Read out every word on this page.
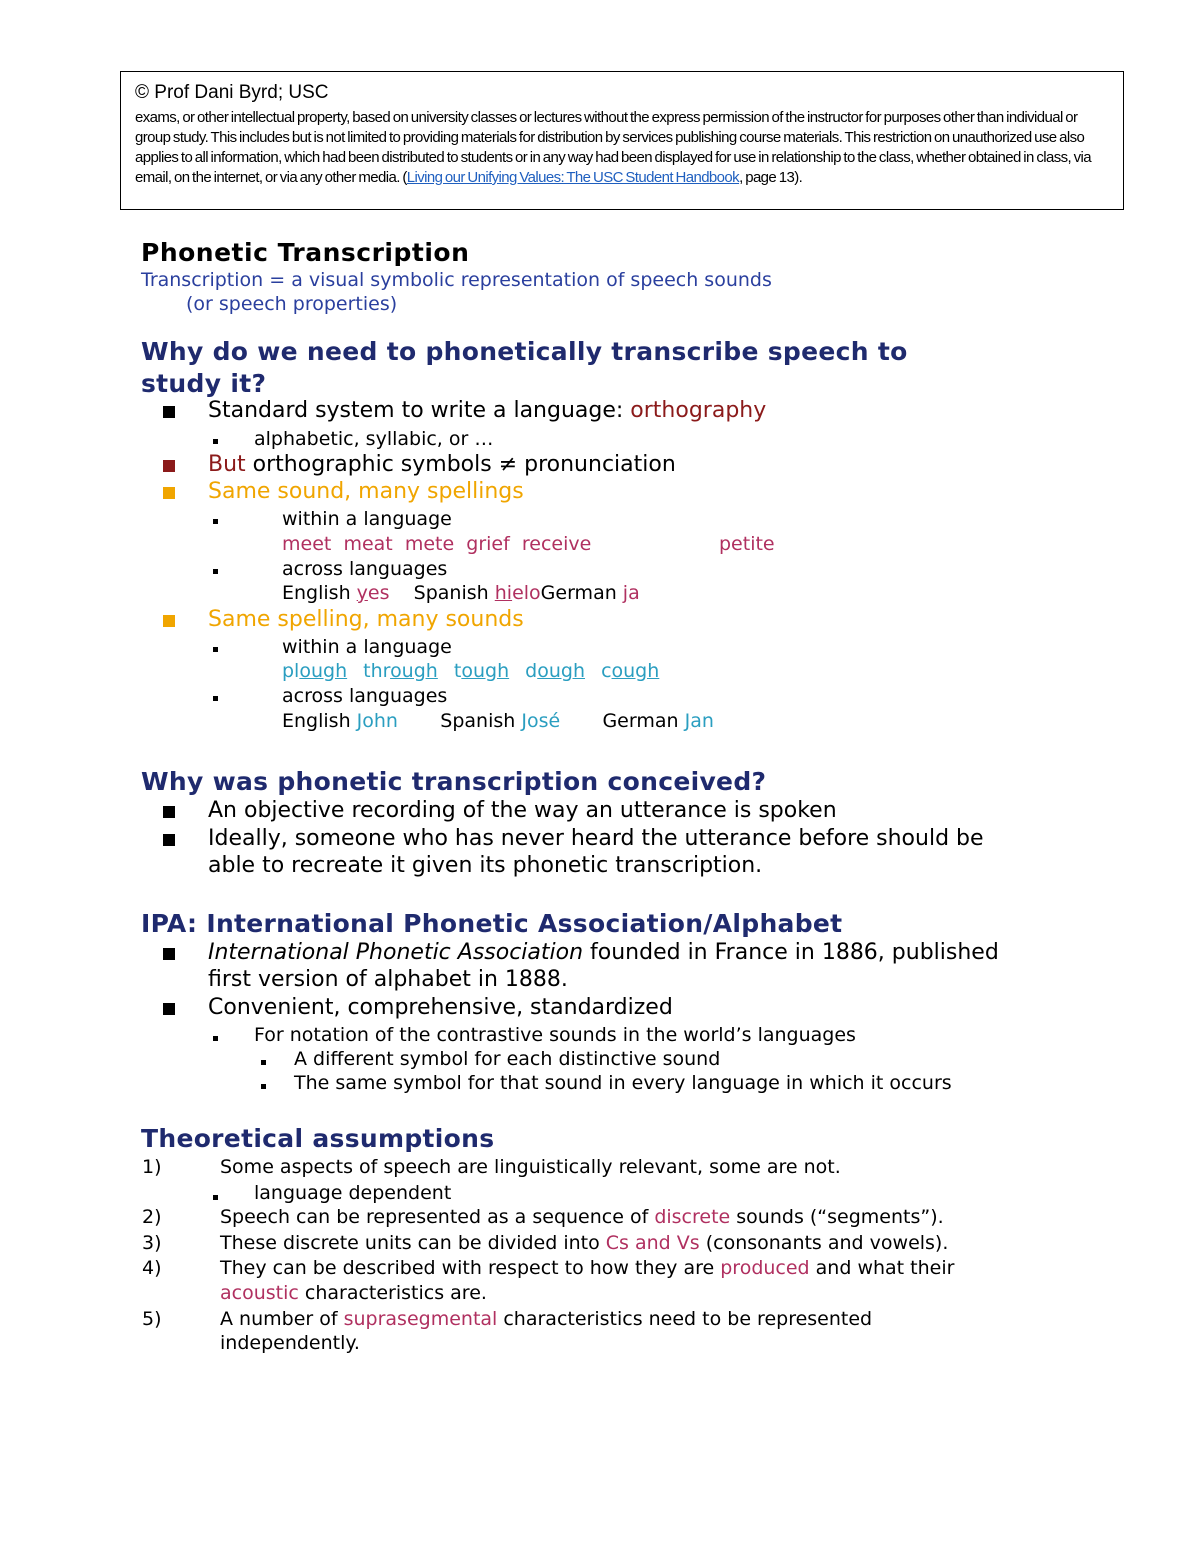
© Prof Dani Byrd; USC
exams, or other intellectual property, based on university classes or lectures without the express permission of the instructor for purposes other than individual or group study. This includes but is not limited to providing materials for distribution by services publishing course materials. This restriction on unauthorized use also applies to all information, which had been distributed to students or in any way had been displayed for use in relationship to the class, whether obtained in class, via email, on the internet, or via any other media. (Living our Unifying Values: The USC Student Handbook, page 13).
Phonetic Transcription
Transcription = a visual symbolic representation of speech sounds
(or speech properties)
Why do we need to phonetically transcribe speech to
study it?
Standard system to write a language: orthography
alphabetic, syllabic, or …
But orthographic symbols ≠ pronunciation
Same sound, many spellings
within a language
meet meat mete grief receive	petite
across languages
English yes Spanish hieloGerman ja
Same spelling, many sounds
within a language
plough through tough dough cough
across languages
English John Spanish José German Jan
Why was phonetic transcription conceived?
An objective recording of the way an utterance is spoken
Ideally, someone who has never heard the utterance before should be
able to recreate it given its phonetic transcription.
IPA: International Phonetic Association/Alphabet
International Phonetic Association founded in France in 1886, published
first version of alphabet in 1888.
Convenient, comprehensive, standardized
For notation of the contrastive sounds in the world’s languages
A different symbol for each distinctive sound
The same symbol for that sound in every language in which it occurs
Theoretical assumptions
1)	Some aspects of speech are linguistically relevant, some are not.
language dependent
2)	Speech can be represented as a sequence of discrete sounds (“segments”).
3)	These discrete units can be divided into Cs and Vs (consonants and vowels).
4)	They can be described with respect to how they are produced and what their
acoustic characteristics are.
5)	A number of suprasegmental characteristics need to be represented
independently.
